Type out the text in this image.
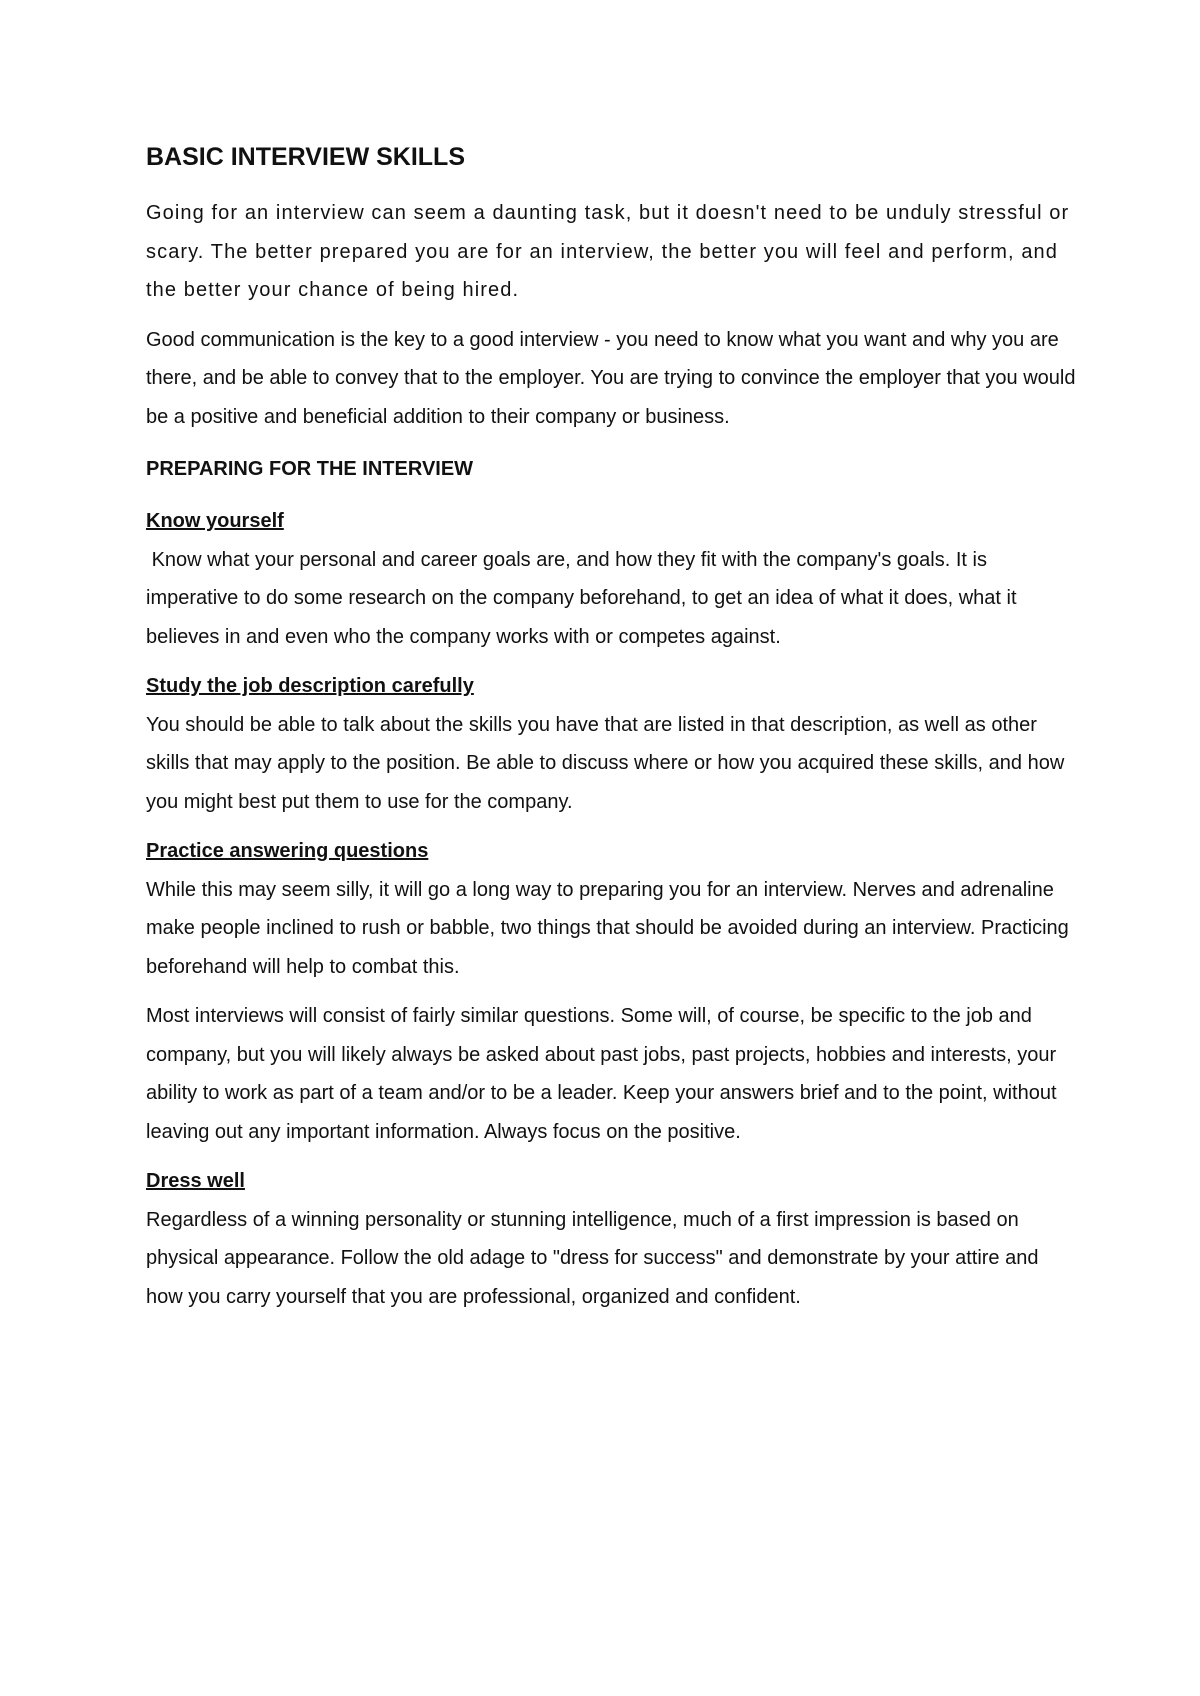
BASIC INTERVIEW SKILLS

Going for an interview can seem a daunting task, but it doesn't need to be unduly stressful or scary. The better prepared you are for an interview, the better you will feel and perform, and the better your chance of being hired.

Good communication is the key to a good interview - you need to know what you want and why you are there, and be able to convey that to the employer. You are trying to convince the employer that you would be a positive and beneficial addition to their company or business.

PREPARING FOR THE INTERVIEW
Know yourself

Know what your personal and career goals are, and how they fit with the company's goals. It is imperative to do some research on the company beforehand, to get an idea of what it does, what it believes in and even who the company works with or competes against.

Study the job description carefully

You should be able to talk about the skills you have that are listed in that description, as well as other skills that may apply to the position. Be able to discuss where or how you acquired these skills, and how you might best put them to use for the company.

Practice answering questions

While this may seem silly, it will go a long way to preparing you for an interview. Nerves and adrenaline make people inclined to rush or babble, two things that should be avoided during an interview. Practicing beforehand will help to combat this.

Most interviews will consist of fairly similar questions. Some will, of course, be specific to the job and company, but you will likely always be asked about past jobs, past projects, hobbies and interests, your ability to work as part of a team and/or to be a leader. Keep your answers brief and to the point, without leaving out any important information. Always focus on the positive.

Dress well

Regardless of a winning personality or stunning intelligence, much of a first impression is based on physical appearance. Follow the old adage to "dress for success" and demonstrate by your attire and how you carry yourself that you are professional, organized and confident.
